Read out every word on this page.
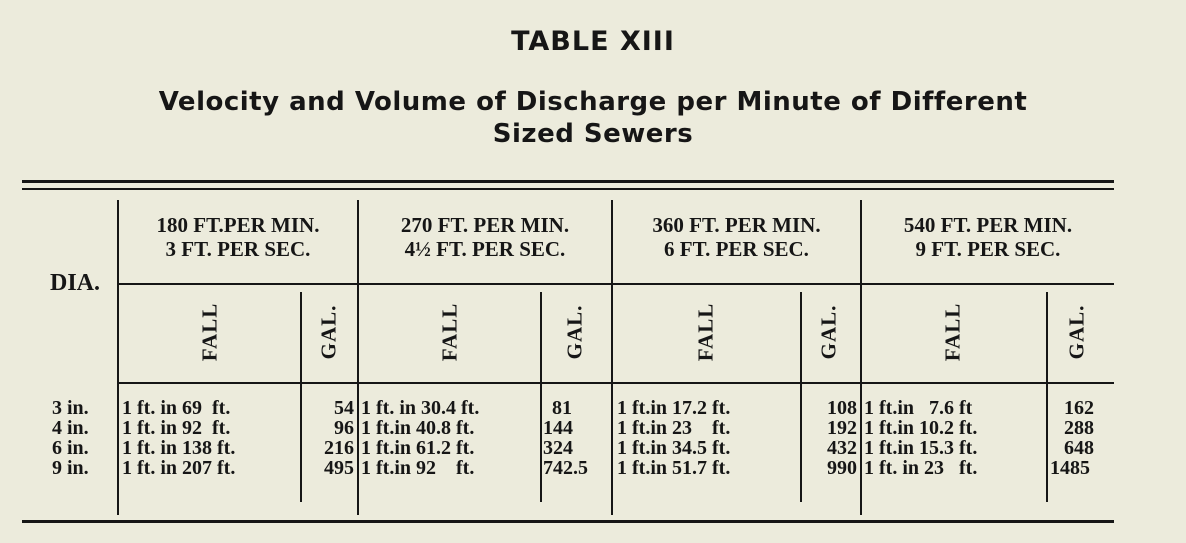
TABLE XIII
Velocity and Volume of Discharge per Minute of Different
Sized Sewers
DIA.
180 FT.PER MIN.
3 FT. PER SEC.
270 FT. PER MIN.
4½ FT. PER SEC.
360 FT. PER MIN.
6 FT. PER SEC.
540 FT. PER MIN.
9 FT. PER SEC.
FALL	GAL.	FALL	GAL.	FALL	GAL.	FALL	GAL.
3 in. 1 ft. in 69  ft.	54 1 ft. in 30.4 ft.	81 1 ft.in 17.2 ft.	108 1 ft.in   7.6 ft	162
4 in. 1 ft. in 92  ft.	96 1 ft.in 40.8 ft.	144 1 ft.in 23    ft.	192 1 ft.in 10.2 ft.	288
6 in. 1 ft. in 138 ft.	216 1 ft.in 61.2 ft.	324 1 ft.in 34.5 ft.	432 1 ft.in 15.3 ft.	648
9 in. 1 ft. in 207 ft.	495 1 ft.in 92    ft.	742.5 1 ft.in 51.7 ft.	990 1 ft. in 23   ft.	1485
